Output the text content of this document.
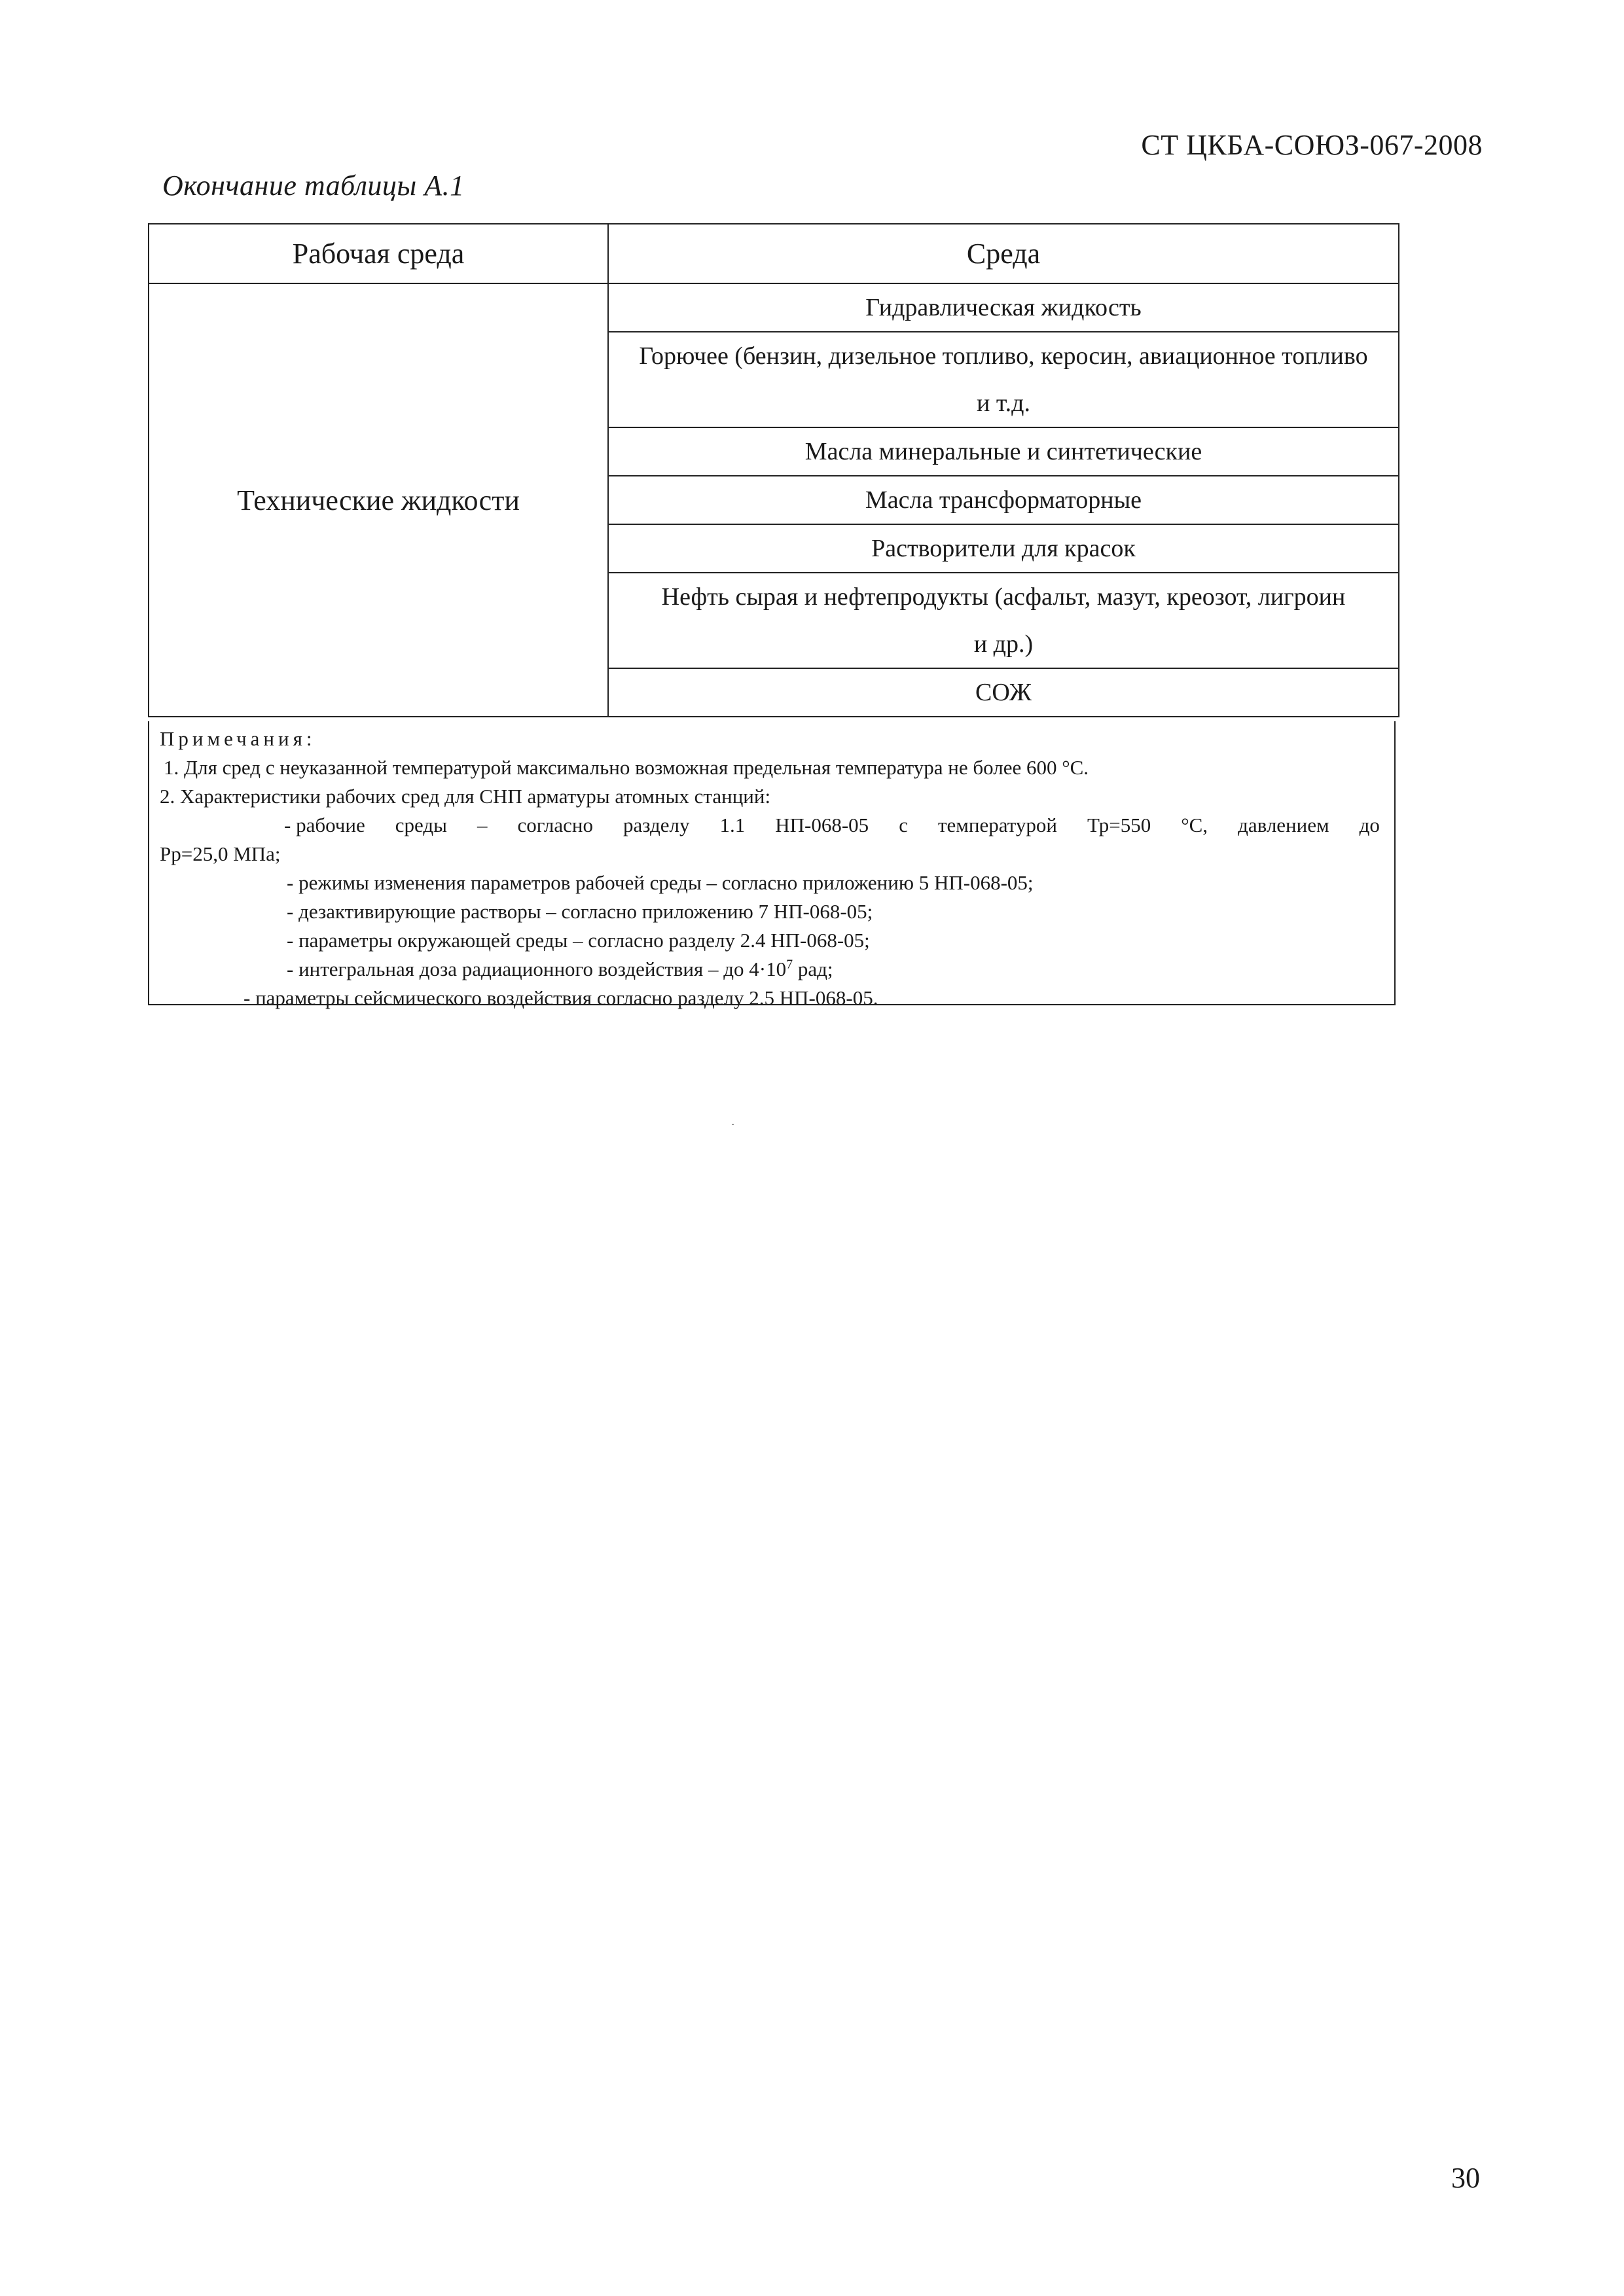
СТ ЦКБА-СОЮЗ-067-2008
Окончание таблицы А.1
Рабочая среда	Среда
Технические жидкости	Гидравлическая жидкость
	Горючее (бензин, дизельное топливо, керосин, авиационное топливо и т.д.
	Масла минеральные и синтетические
	Масла трансформаторные
	Растворители для красок
	Нефть сырая и нефтепродукты (асфальт, мазут, креозот, лигроин и др.)
	СОЖ
Примечания:
1. Для сред с неуказанной температурой максимально возможная предельная температура не более 600 °С.
2. Характеристики рабочих сред для СНП арматуры атомных станций:
- рабочие среды – согласно разделу 1.1 НП-068-05 с температурой Тр=550 °С, давлением до
Рр=25,0 МПа;
- режимы изменения параметров рабочей среды – согласно приложению 5 НП-068-05;
- дезактивирующие растворы – согласно приложению 7 НП-068-05;
- параметры окружающей среды – согласно разделу 2.4 НП-068-05;
- интегральная доза радиационного воздействия – до $4\cdot 10^7$ рад;
- параметры сейсмического воздействия согласно разделу 2.5 НП-068-05.
30
